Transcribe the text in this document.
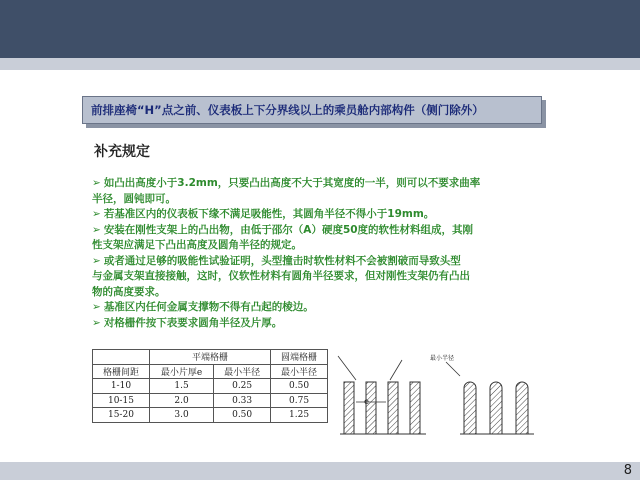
前排座椅“H”点之前、仪表板上下分界线以上的乘员舱内部构件（侧门除外）
补充规定
➢ 如凸出高度小于3.2mm，只要凸出高度不大于其宽度的一半，则可以不要求曲率
半径，圆钝即可。
➢ 若基准区内的仪表板下缘不满足吸能性，其圆角半径不得小于19mm。
➢ 安装在刚性支架上的凸出物，由低于邵尔（A）硬度50度的软性材料组成，其刚
性支架应满足下凸出高度及圆角半径的规定。
➢ 或者通过足够的吸能性试验证明，头型撞击时软性材料不会被割破而导致头型
与金属支架直接接触，这时，仪软性材料有圆角半径要求，但对刚性支架仍有凸出
物的高度要求。
➢ 基准区内任何金属支撑物不得有凸起的棱边。
➢ 对格栅件按下表要求圆角半径及片厚。
	平端格栅		圆端格栅
格栅间距	最小片厚e	最小半径	最小半径
1-10	1.5	0.25	0.50
10-15	2.0	0.33	0.75
15-20	3.0	0.50	1.25
e
最小半径
8
